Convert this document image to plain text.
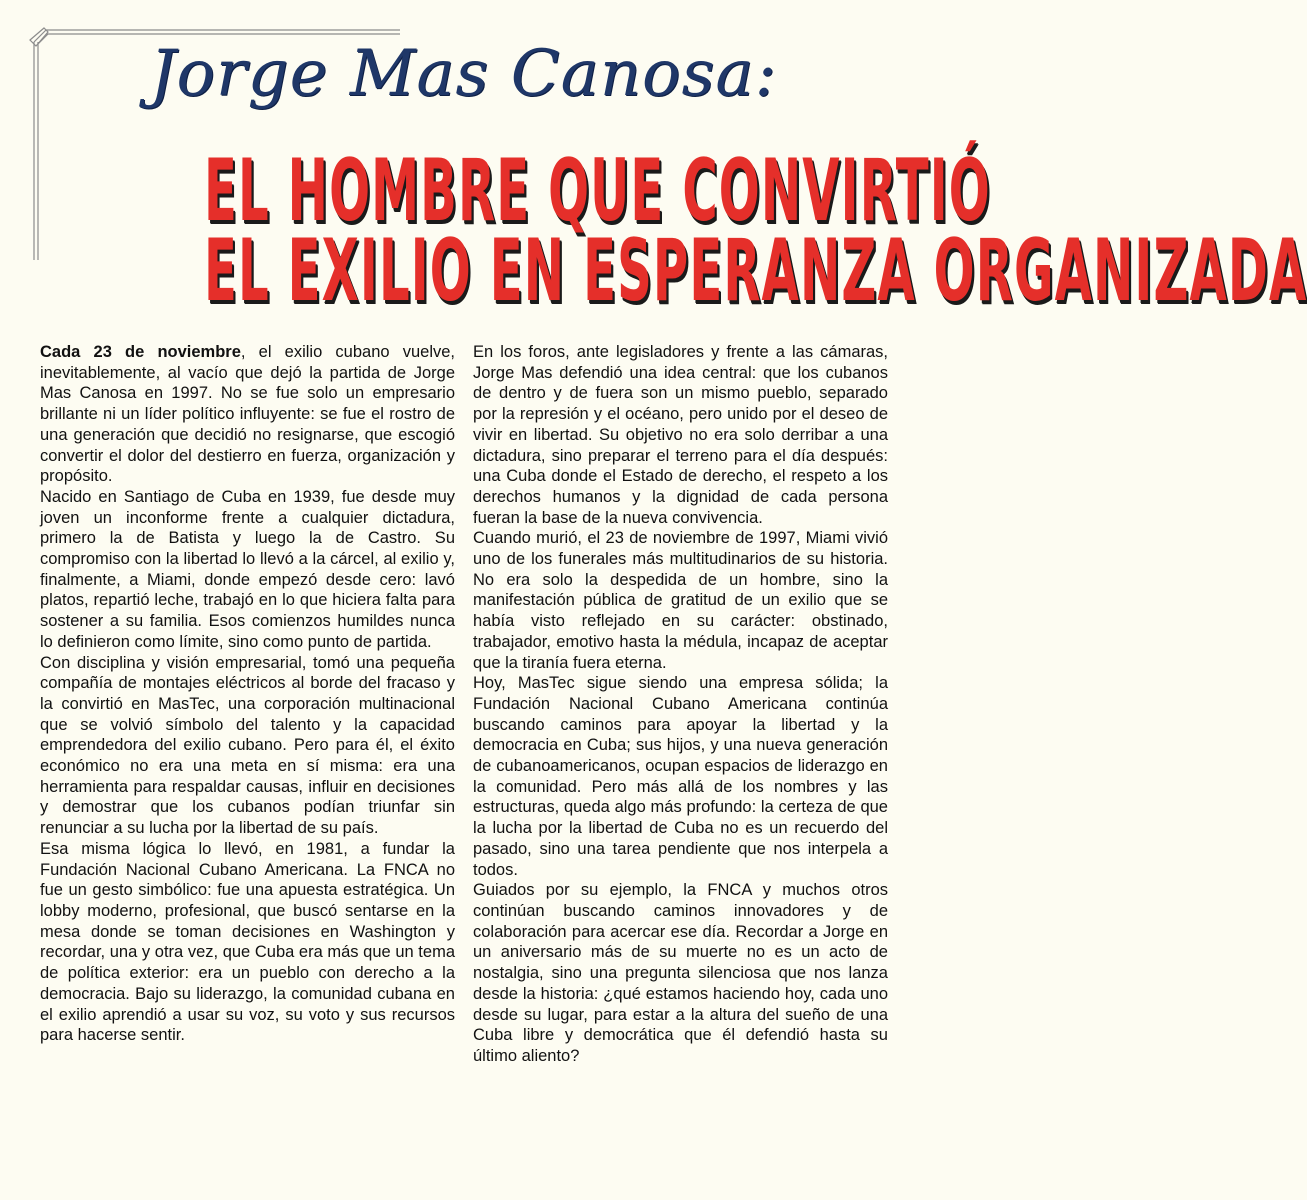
Jorge Mas Canosa:
EL HOMBRE QUE CONVIRTIÓ
EL EXILIO EN ESPERANZA ORGANIZADA

Cada 23 de noviembre, el exilio cubano vuelve, inevitablemente, al vacío que dejó la partida de Jorge Mas Canosa en 1997. No se fue solo un empresario brillante ni un líder político influyente: se fue el rostro de una generación que decidió no resignarse, que escogió convertir el dolor del destierro en fuerza, organización y propósito.

Nacido en Santiago de Cuba en 1939, fue desde muy joven un inconforme frente a cualquier dictadura, primero la de Batista y luego la de Castro. Su compromiso con la libertad lo llevó a la cárcel, al exilio y, finalmente, a Miami, donde empezó desde cero: lavó platos, repartió leche, trabajó en lo que hiciera falta para sostener a su familia. Esos comienzos humildes nunca lo definieron como límite, sino como punto de partida.

Con disciplina y visión empresarial, tomó una pequeña compañía de montajes eléctricos al borde del fracaso y la convirtió en MasTec, una corporación multinacional que se volvió símbolo del talento y la capacidad emprendedora del exilio cubano. Pero para él, el éxito económico no era una meta en sí misma: era una herramienta para respaldar causas, influir en decisiones y demostrar que los cubanos podían triunfar sin renunciar a su lucha por la libertad de su país.

Esa misma lógica lo llevó, en 1981, a fundar la Fundación Nacional Cubano Americana. La FNCA no fue un gesto simbólico: fue una apuesta estratégica. Un lobby moderno, profesional, que buscó sentarse en la mesa donde se toman decisiones en Washington y recordar, una y otra vez, que Cuba era más que un tema de política exterior: era un pueblo con derecho a la democracia. Bajo su liderazgo, la comunidad cubana en el exilio aprendió a usar su voz, su voto y sus recursos para hacerse sentir.

En los foros, ante legisladores y frente a las cámaras, Jorge Mas defendió una idea central: que los cubanos de dentro y de fuera son un mismo pueblo, separado por la represión y el océano, pero unido por el deseo de vivir en libertad. Su objetivo no era solo derribar a una dictadura, sino preparar el terreno para el día después: una Cuba donde el Estado de derecho, el respeto a los derechos humanos y la dignidad de cada persona fueran la base de la nueva convivencia.

Cuando murió, el 23 de noviembre de 1997, Miami vivió uno de los funerales más multitudinarios de su historia. No era solo la despedida de un hombre, sino la manifestación pública de gratitud de un exilio que se había visto reflejado en su carácter: obstinado, trabajador, emotivo hasta la médula, incapaz de aceptar que la tiranía fuera eterna.

Hoy, MasTec sigue siendo una empresa sólida; la Fundación Nacional Cubano Americana continúa buscando caminos para apoyar la libertad y la democracia en Cuba; sus hijos, y una nueva generación de cubanoamericanos, ocupan espacios de liderazgo en la comunidad. Pero más allá de los nombres y las estructuras, queda algo más profundo: la certeza de que la lucha por la libertad de Cuba no es un recuerdo del pasado, sino una tarea pendiente que nos interpela a todos.

Guiados por su ejemplo, la FNCA y muchos otros continúan buscando caminos innovadores y de colaboración para acercar ese día. Recordar a Jorge en un aniversario más de su muerte no es un acto de nostalgia, sino una pregunta silenciosa que nos lanza desde la historia: ¿qué estamos haciendo hoy, cada uno desde su lugar, para estar a la altura del sueño de una Cuba libre y democrática que él defendió hasta su último aliento?
